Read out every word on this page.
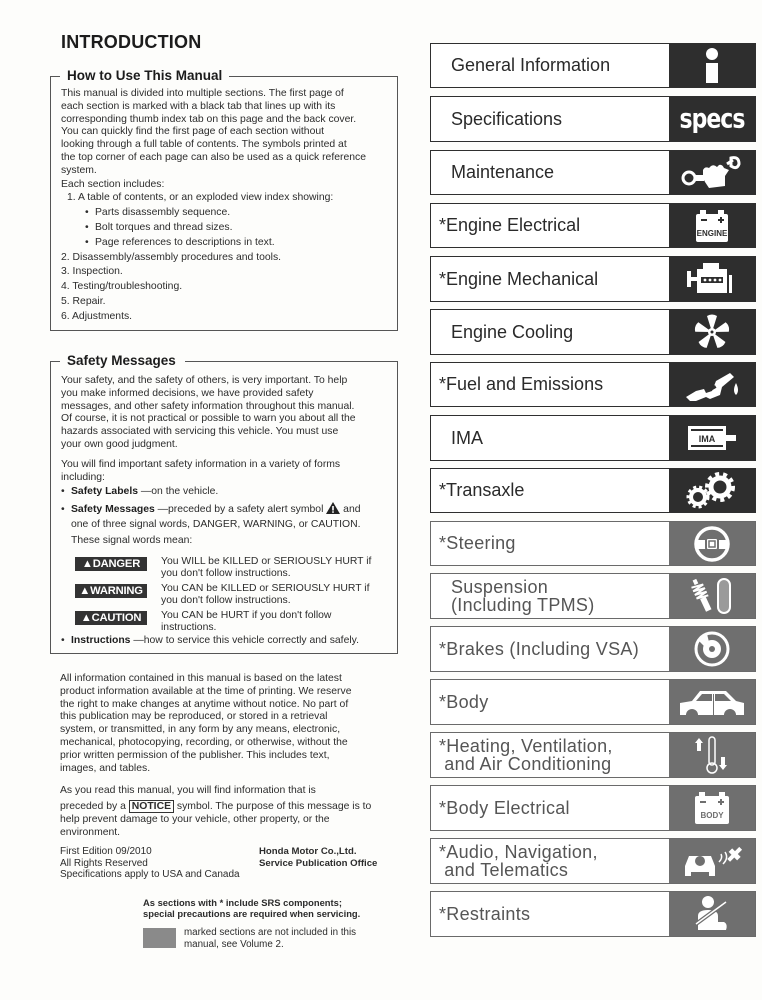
INTRODUCTION
How to Use This Manual

This manual is divided into multiple sections. The first page of

each section is marked with a black tab that lines up with its

corresponding thumb index tab on this page and the back cover.

You can quickly find the first page of each section without

looking through a full table of contents. The symbols printed at

the top corner of each page can also be used as a quick reference

system.

Each section includes:

1. A table of contents, or an exploded view index showing:

• Parts disassembly sequence.

• Bolt torques and thread sizes.

• Page references to descriptions in text.

2. Disassembly/assembly procedures and tools.

3. Inspection.

4. Testing/troubleshooting.

5. Repair.

6. Adjustments.

Safety Messages

Your safety, and the safety of others, is very important. To help

you make informed decisions, we have provided safety

messages, and other safety information throughout this manual.

Of course, it is not practical or possible to warn you about all the

hazards associated with servicing this vehicle. You must use

your own good judgment.

You will find important safety information in a variety of forms

including:

• Safety Labels —on the vehicle.

• Safety Messages —preceded by a safety alert symbol and

one of three signal words, DANGER, WARNING, or CAUTION.

These signal words mean:

▲DANGER	You WILL be KILLED or SERIOUSLY HURT if

you don't follow instructions.

▲WARNING	You CAN be KILLED or SERIOUSLY HURT if

you don't follow instructions.

▲CAUTION	You CAN be HURT if you don't follow

instructions.

• Instructions —how to service this vehicle correctly and safely.

All information contained in this manual is based on the latest

product information available at the time of printing. We reserve

the right to make changes at anytime without notice. No part of

this publication may be reproduced, or stored in a retrieval

system, or transmitted, in any form by any means, electronic,

mechanical, photocopying, recording, or otherwise, without the

prior written permission of the publisher. This includes text,

images, and tables.

As you read this manual, you will find information that is

preceded by a NOTICE symbol. The purpose of this message is to

help prevent damage to your vehicle, other property, or the

environment.

First Edition 09/2010

All Rights Reserved

Specifications apply to USA and Canada

Honda Motor Co.,Ltd.

Service Publication Office

As sections with * include SRS components;

special precautions are required when servicing.

marked sections are not included in this

manual, see Volume 2.

General Information
Specifications	specs
Maintenance
*Engine Electrical	ENGINE
*Engine Mechanical
Engine Cooling
*Fuel and Emissions
IMA	IMA
*Transaxle
*Steering
Suspension
(Including TPMS)
*Brakes (Including VSA)
*Body
*Heating, Ventilation,
and Air Conditioning
*Body Electrical	BODY
*Audio, Navigation,
and Telematics
*Restraints
